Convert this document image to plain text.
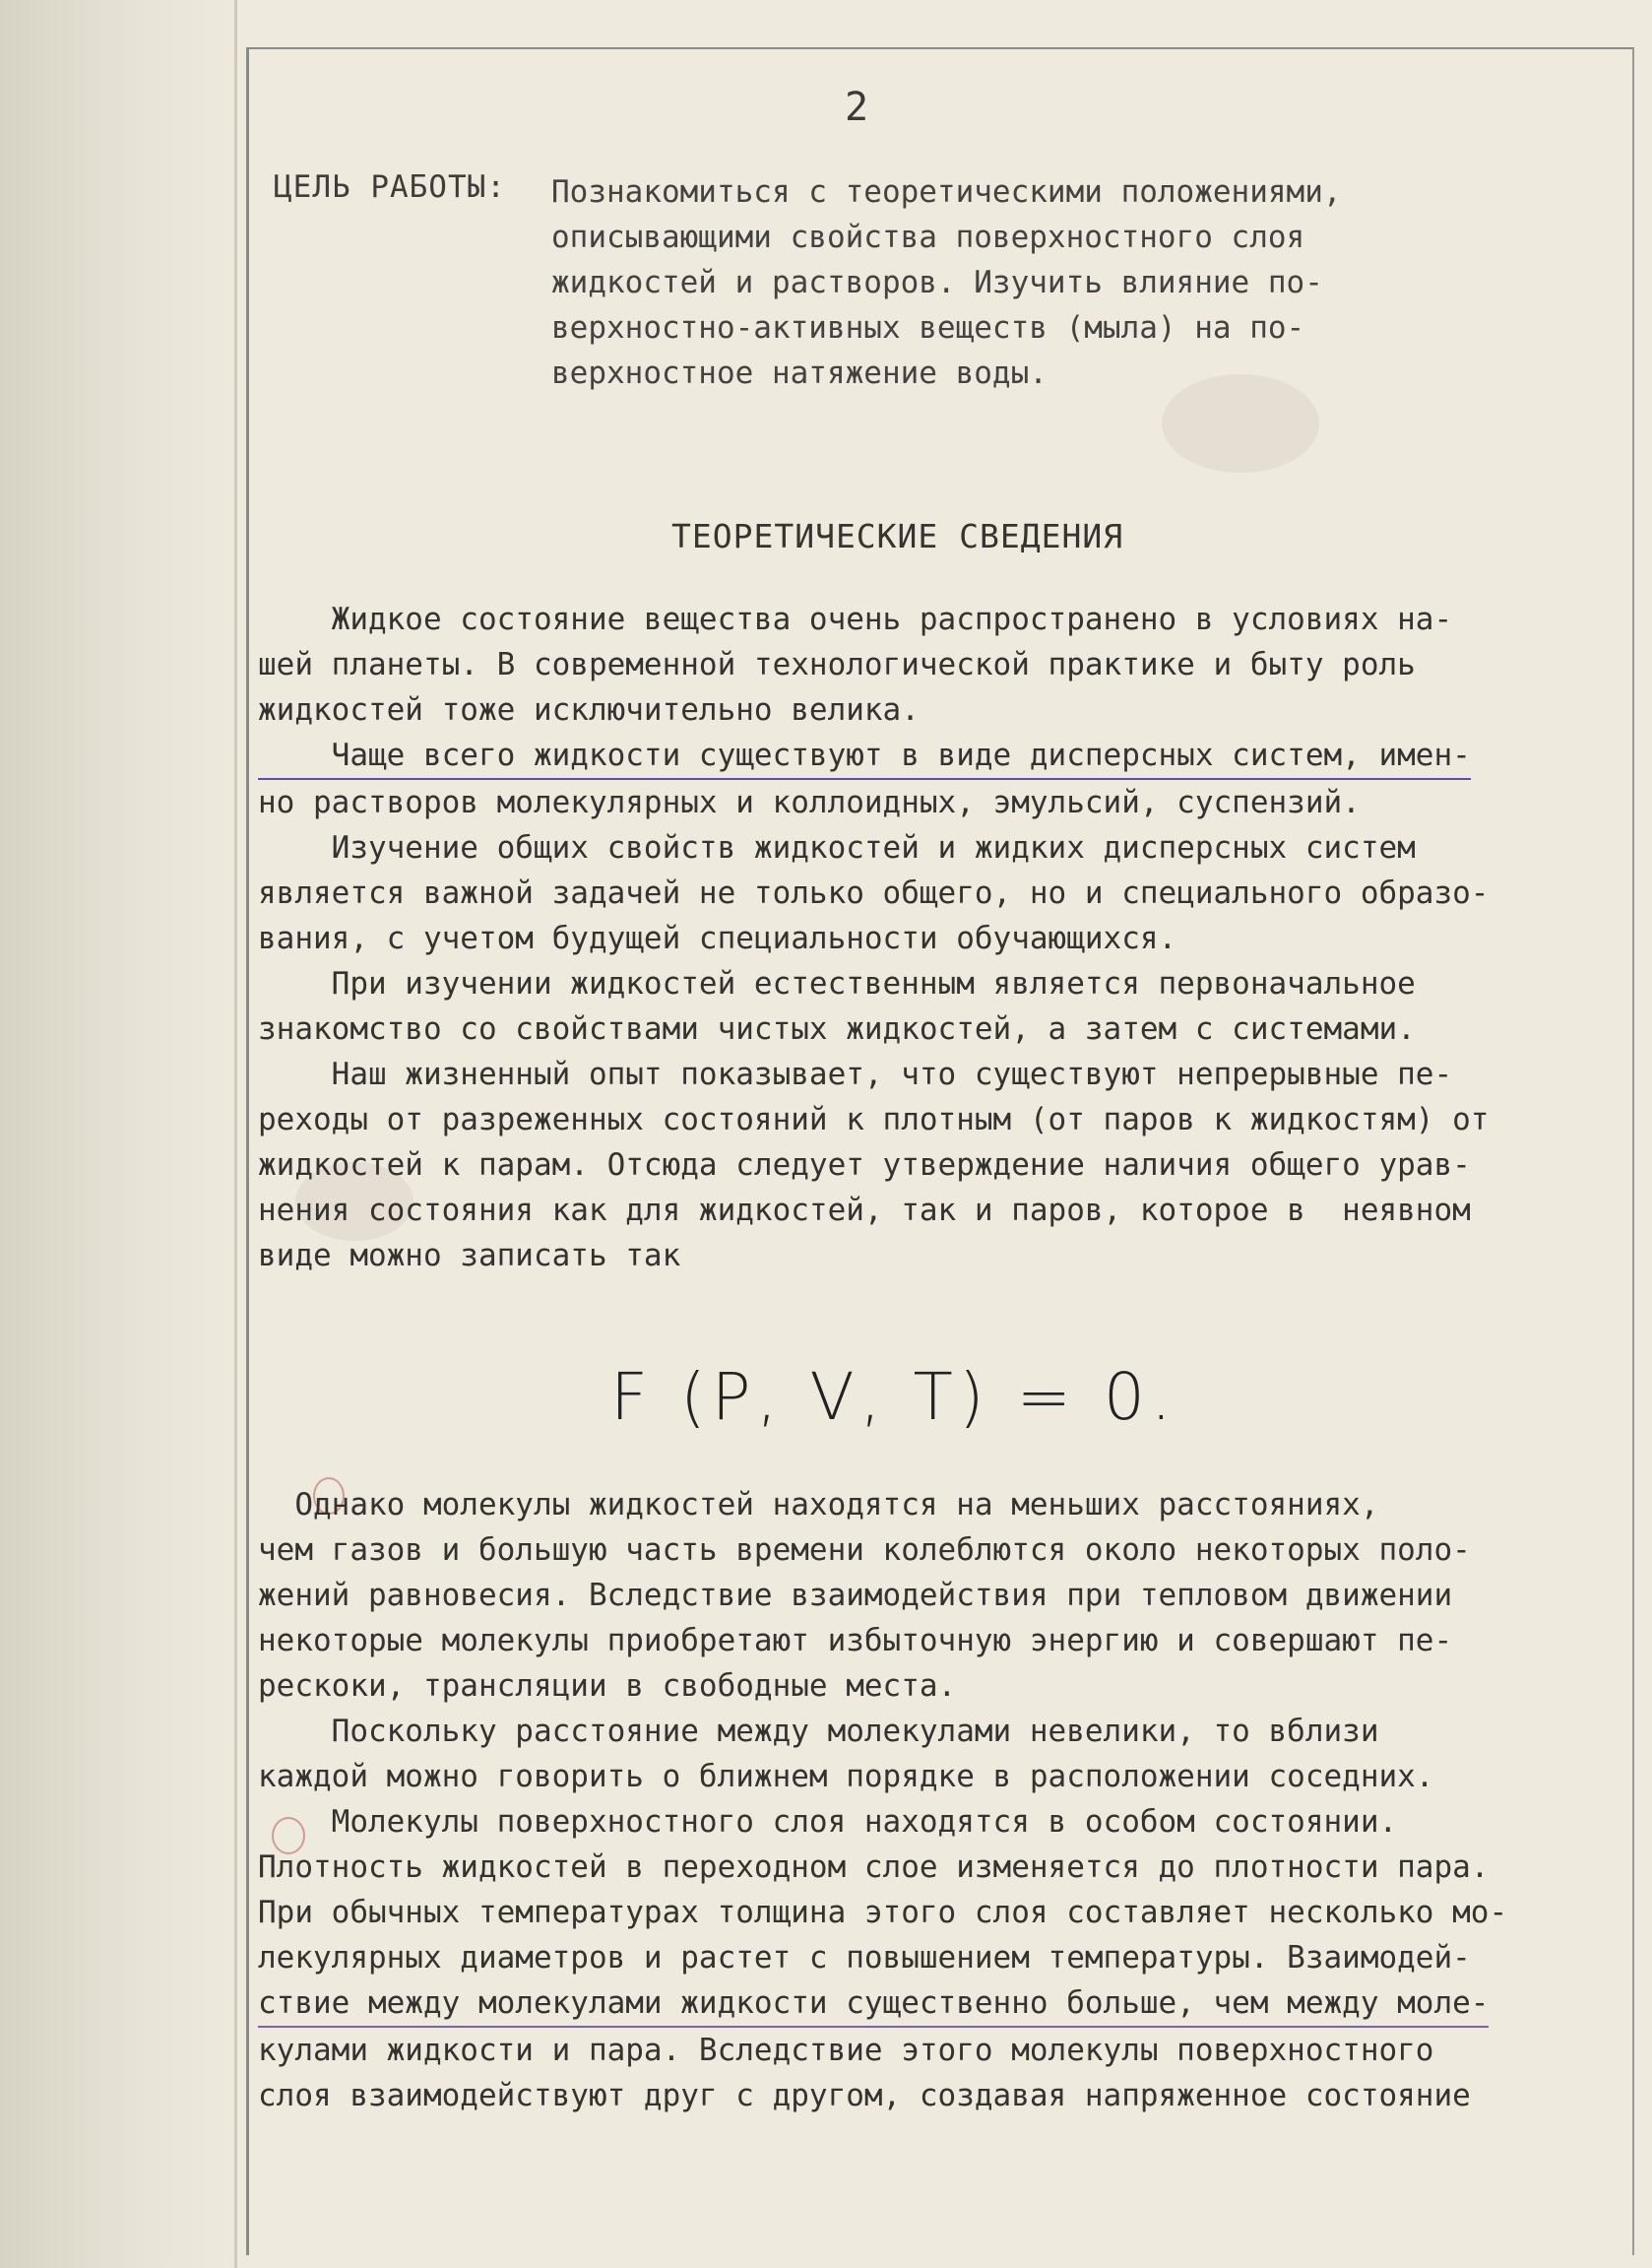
2
ЦЕЛЬ РАБОТЫ: Познакомиться с теоретическими положениями,
описывающими свойства поверхностного слоя
жидкостей и растворов. Изучить влияние по-
верхностно-активных веществ (мыла) на по-
верхностное натяжение воды.
ТЕОРЕТИЧЕСКИЕ СВЕДЕНИЯ
Жидкое состояние вещества очень распространено в условиях на-
шей планеты. В современной технологической практике и быту роль
жидкостей тоже исключительно велика.
Чаще всего жидкости существуют в виде дисперсных систем, имен-
но растворов молекулярных и коллоидных, эмульсий, суспензий.
Изучение общих свойств жидкостей и жидких дисперсных систем
является важной задачей не только общего, но и специального образо-
вания, с учетом будущей специальности обучающихся.
При изучении жидкостей естественным является первоначальное
знакомство со свойствами чистых жидкостей, а затем с системами.
Наш жизненный опыт показывает, что существуют непрерывные пе-
реходы от разреженных состояний к плотным (от паров к жидкостям) от
жидкостей к парам. Отсюда следует утверждение наличия общего урав-
нения состояния как для жидкостей, так и паров, которое в  неявном
виде можно записать так
F (P, V, T) = 0.
Однако молекулы жидкостей находятся на меньших расстояниях,
чем газов и большую часть времени колеблются около некоторых поло-
жений равновесия. Вследствие взаимодействия при тепловом движении
некоторые молекулы приобретают избыточную энергию и совершают пе-
рескоки, трансляции в свободные места.
Поскольку расстояние между молекулами невелики, то вблизи
каждой можно говорить о ближнем порядке в расположении соседних.
Молекулы поверхностного слоя находятся в особом состоянии.
Плотность жидкостей в переходном слое изменяется до плотности пара.
При обычных температурах толщина этого слоя составляет несколько мо-
лекулярных диаметров и растет с повышением температуры. Взаимодей-
ствие между молекулами жидкости существенно больше, чем между моле-
кулами жидкости и пара. Вследствие этого молекулы поверхностного
слоя взаимодействуют друг с другом, создавая напряженное состояние
